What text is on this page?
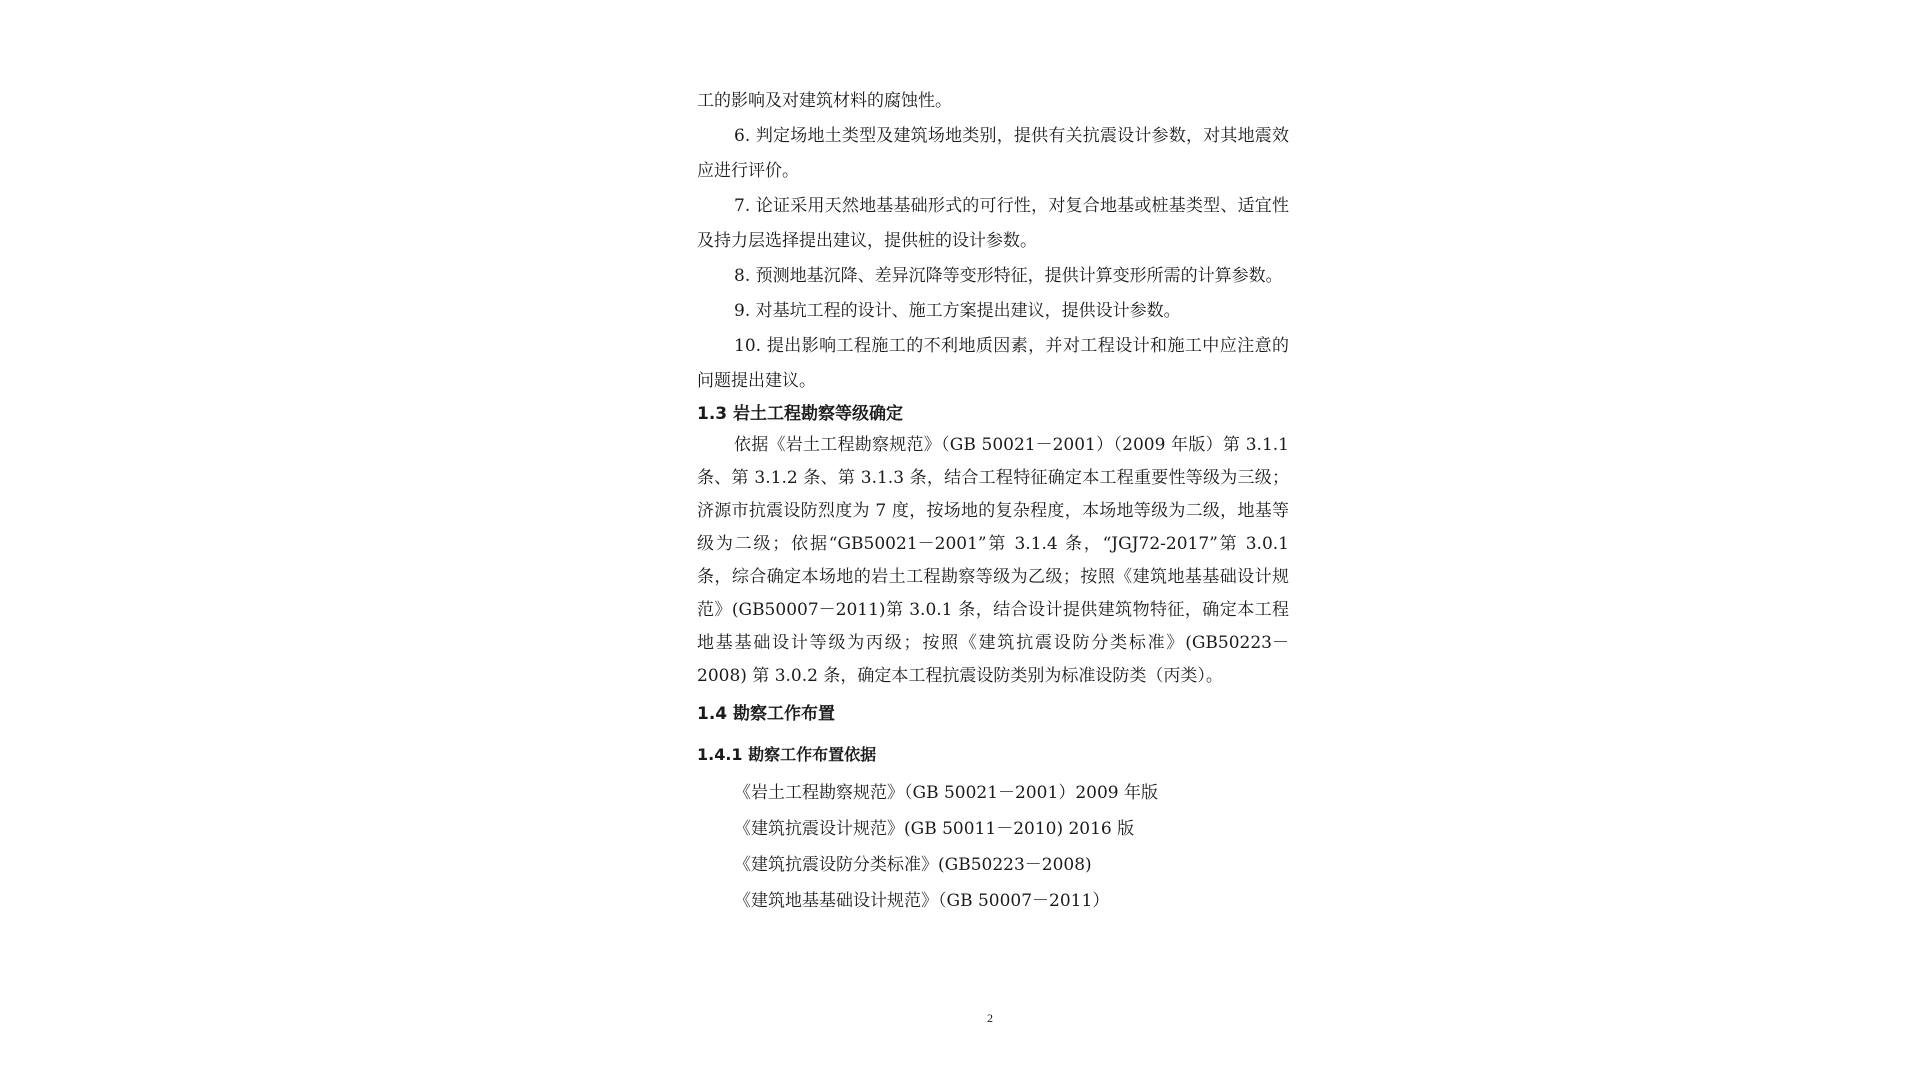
工的影响及对建筑材料的腐蚀性。

6. 判定场地土类型及建筑场地类别，提供有关抗震设计参数，对其地震效应进行评价。

7. 论证采用天然地基基础形式的可行性，对复合地基或桩基类型、适宜性及持力层选择提出建议，提供桩的设计参数。

8. 预测地基沉降、差异沉降等变形特征，提供计算变形所需的计算参数。

9. 对基坑工程的设计、施工方案提出建议，提供设计参数。

10. 提出影响工程施工的不利地质因素，并对工程设计和施工中应注意的问题提出建议。

1.3 岩土工程勘察等级确定

依据《岩土工程勘察规范》（GB 50021－2001）（2009 年版）第 3.1.1 条、第 3.1.2 条、第 3.1.3 条，结合工程特征确定本工程重要性等级为三级；济源市抗震设防烈度为 7 度，按场地的复杂程度，本场地等级为二级，地基等级为二级；依据“GB50021－2001”第 3.1.4 条，“JGJ72-2017”第 3.0.1 条，综合确定本场地的岩土工程勘察等级为乙级；按照《建筑地基基础设计规范》(GB50007－2011)第 3.0.1 条，结合设计提供建筑物特征，确定本工程地基基础设计等级为丙级；按照《建筑抗震设防分类标准》(GB50223－2008) 第 3.0.2 条，确定本工程抗震设防类别为标准设防类（丙类）。

1.4 勘察工作布置
1.4.1 勘察工作布置依据

《岩土工程勘察规范》（GB 50021－2001）2009 年版

《建筑抗震设计规范》(GB 50011－2010) 2016 版

《建筑抗震设防分类标准》(GB50223－2008)

《建筑地基基础设计规范》（GB 50007－2011）

2
